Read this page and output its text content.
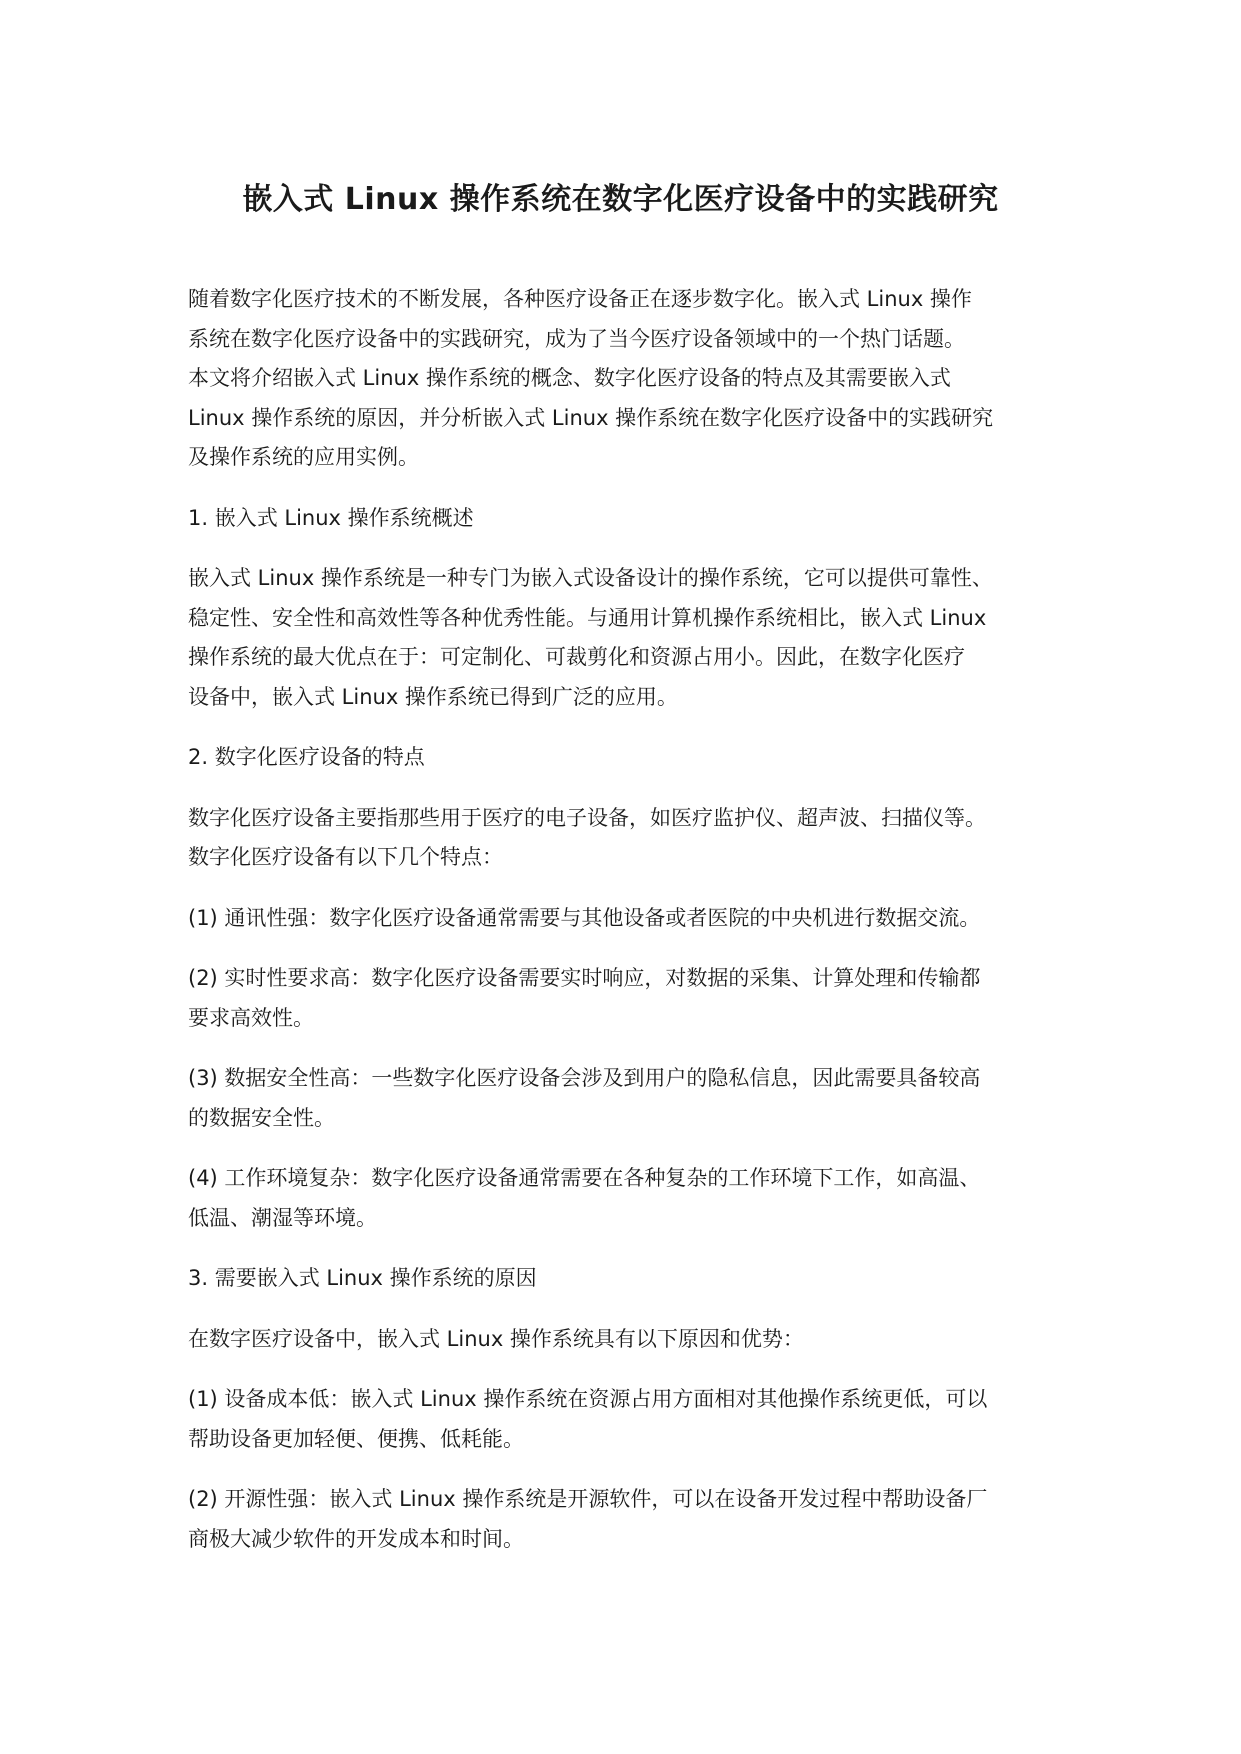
嵌入式 Linux 操作系统在数字化医疗设备中的实践研究

随着数字化医疗技术的不断发展，各种医疗设备正在逐步数字化。嵌入式 Linux 操作
系统在数字化医疗设备中的实践研究，成为了当今医疗设备领域中的一个热门话题。
本文将介绍嵌入式 Linux 操作系统的概念、数字化医疗设备的特点及其需要嵌入式
Linux 操作系统的原因，并分析嵌入式 Linux 操作系统在数字化医疗设备中的实践研究
及操作系统的应用实例。

1. 嵌入式 Linux 操作系统概述

嵌入式 Linux 操作系统是一种专门为嵌入式设备设计的操作系统，它可以提供可靠性、
稳定性、安全性和高效性等各种优秀性能。与通用计算机操作系统相比，嵌入式 Linux
操作系统的最大优点在于：可定制化、可裁剪化和资源占用小。因此，在数字化医疗
设备中，嵌入式 Linux 操作系统已得到广泛的应用。

2. 数字化医疗设备的特点

数字化医疗设备主要指那些用于医疗的电子设备，如医疗监护仪、超声波、扫描仪等。
数字化医疗设备有以下几个特点：

(1) 通讯性强：数字化医疗设备通常需要与其他设备或者医院的中央机进行数据交流。

(2) 实时性要求高：数字化医疗设备需要实时响应，对数据的采集、计算处理和传输都
要求高效性。

(3) 数据安全性高：一些数字化医疗设备会涉及到用户的隐私信息，因此需要具备较高
的数据安全性。

(4) 工作环境复杂：数字化医疗设备通常需要在各种复杂的工作环境下工作，如高温、
低温、潮湿等环境。

3. 需要嵌入式 Linux 操作系统的原因

在数字医疗设备中，嵌入式 Linux 操作系统具有以下原因和优势：

(1) 设备成本低：嵌入式 Linux 操作系统在资源占用方面相对其他操作系统更低，可以
帮助设备更加轻便、便携、低耗能。

(2) 开源性强：嵌入式 Linux 操作系统是开源软件，可以在设备开发过程中帮助设备厂
商极大减少软件的开发成本和时间。
